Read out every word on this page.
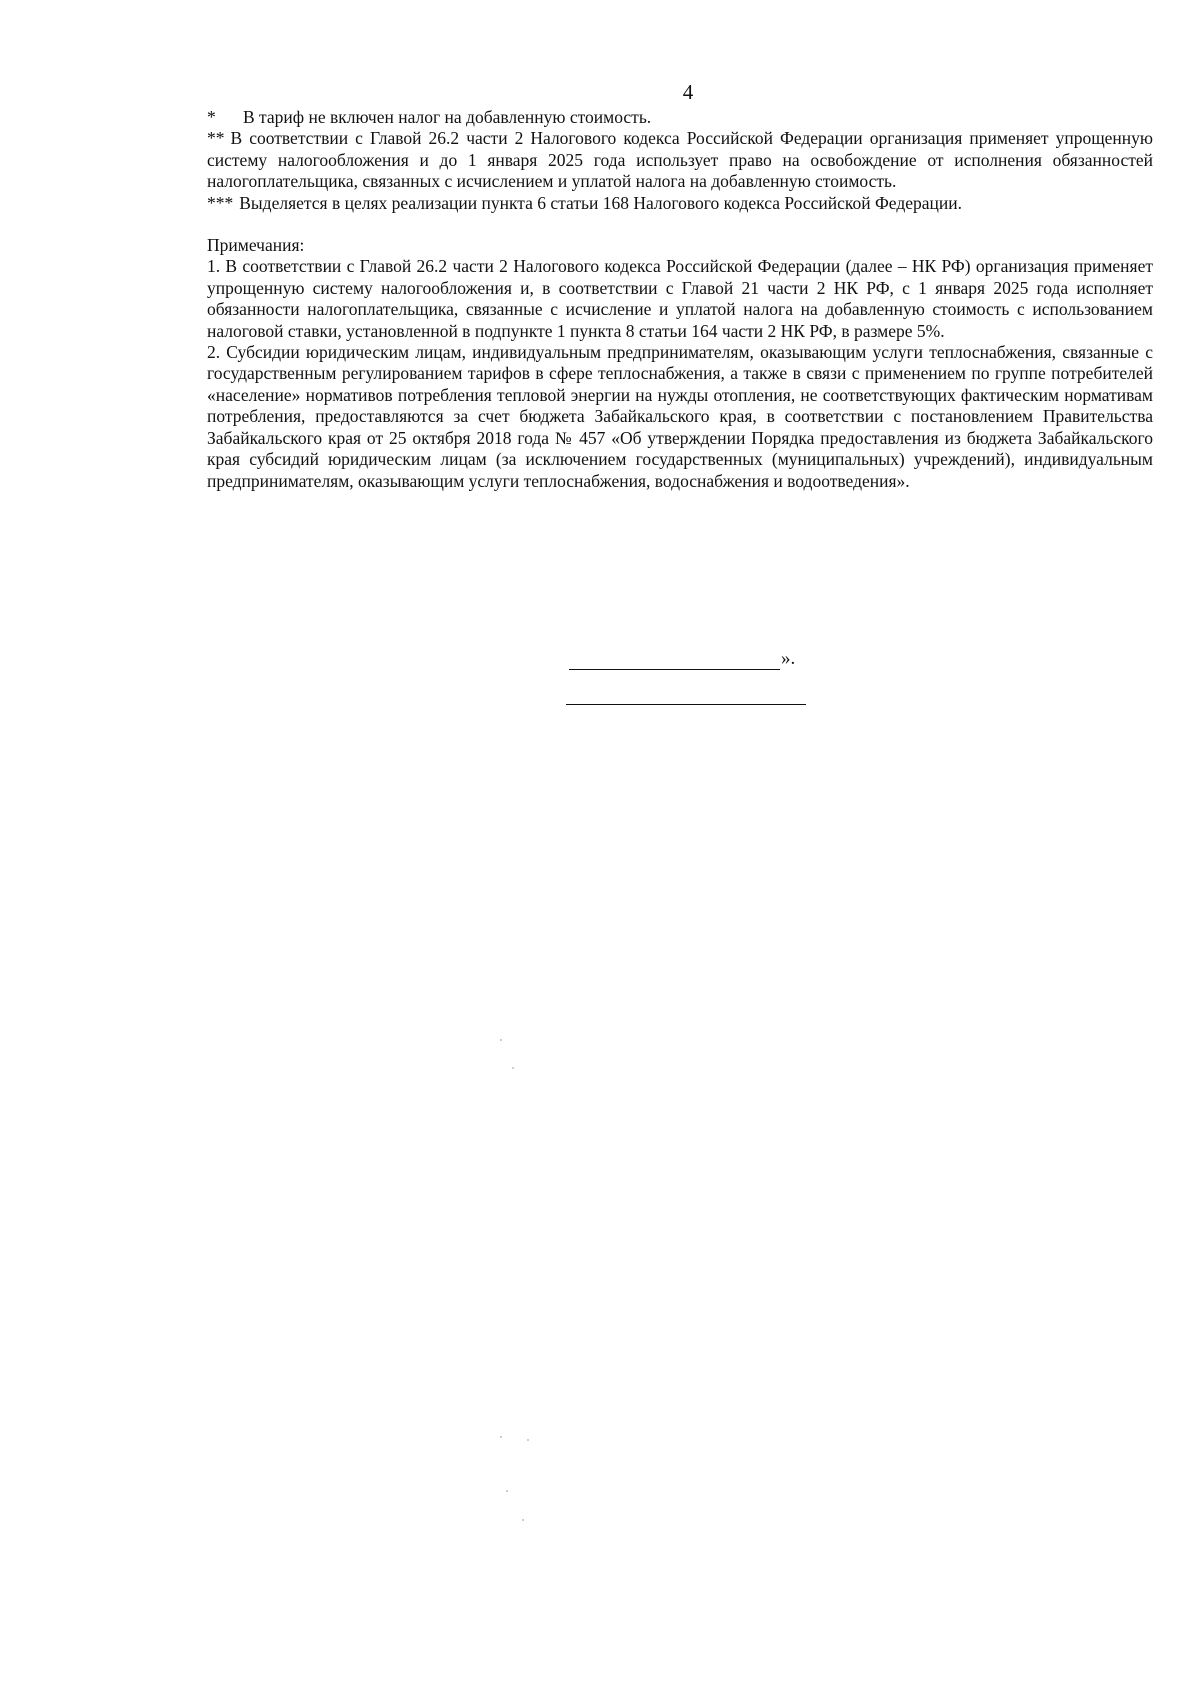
4

* В тариф не включен налог на добавленную стоимость.

** В соответствии с Главой 26.2 части 2 Налогового кодекса Российской Федерации организация применяет упрощенную систему налогообложения и до 1 января 2025 года использует право на освобождение от исполнения обязанностей налогоплательщика, связанных с исчислением и уплатой налога на добавленную стоимость.

*** Выделяется в целях реализации пункта 6 статьи 168 Налогового кодекса Российской Федерации.

Примечания:

1. В соответствии с Главой 26.2 части 2 Налогового кодекса Российской Федерации (далее – НК РФ) организация применяет упрощенную систему налогообложения и, в соответствии с Главой 21 части 2 НК РФ, с 1 января 2025 года исполняет обязанности налогоплательщика, связанные с исчисление и уплатой налога на добавленную стоимость с использованием налоговой ставки, установленной в подпункте 1 пункта 8 статьи 164 части 2 НК РФ, в размере 5%.

2. Субсидии юридическим лицам, индивидуальным предпринимателям, оказывающим услуги теплоснабжения, связанные с государственным регулированием тарифов в сфере теплоснабжения, а также в связи с применением по группе потребителей «население» нормативов потребления тепловой энергии на нужды отопления, не соответствующих фактическим нормативам потребления, предоставляются за счет бюджета Забайкальского края, в соответствии с постановлением Правительства Забайкальского края от 25 октября 2018 года № 457 «Об утверждении Порядка предоставления из бюджета Забайкальского края субсидий юридическим лицам (за исключением государственных (муниципальных) учреждений), индивидуальным предпринимателям, оказывающим услуги теплоснабжения, водоснабжения и водоотведения».

».
